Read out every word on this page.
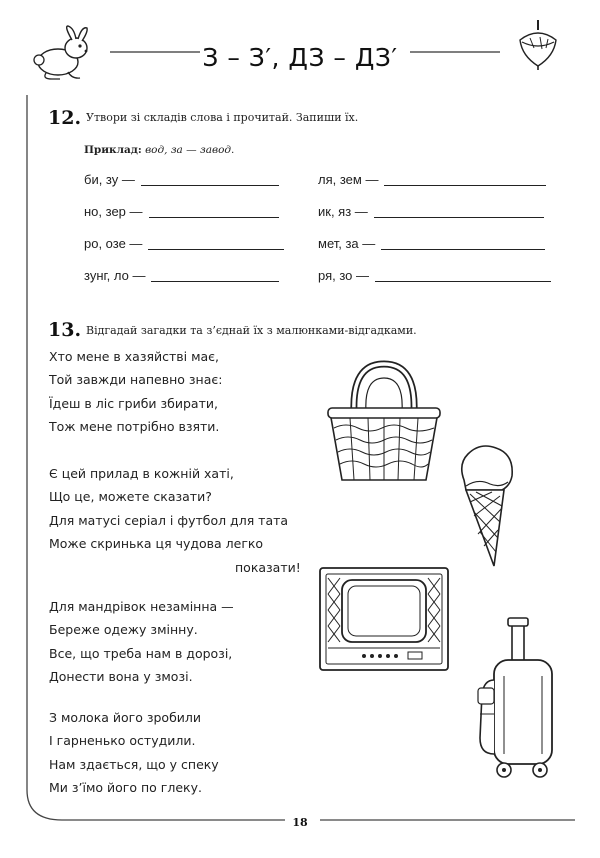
З – З′, ДЗ – ДЗ′
12. Утвори зі складів слова і прочитай. Запиши їх.
Приклад: вод, за — завод.
би, зу —
но, зер —
ро, озе —
зунг, ло —
ля, зем —
ик, яз —
мет, за —
ря, зо —
13. Відгадай загадки та з’єднай їх з малюнками-відгадками.
Хто мене в хазяйстві має,
Той завжди напевно знає:
Їдеш в ліс гриби збирати,
Тож мене потрібно взяти.
Є цей прилад в кожній хаті,
Що це, можете сказати?
Для матусі серіал і футбол для тата
Може скринька ця чудова легко
показати!
Для мандрівок незамінна —
Береже одежу змінну.
Все, що треба нам в дорозі,
Донести вона у змозі.
З молока його зробили
І гарненько остудили.
Нам здається, що у спеку
Ми з’їмо його по глеку.
18
